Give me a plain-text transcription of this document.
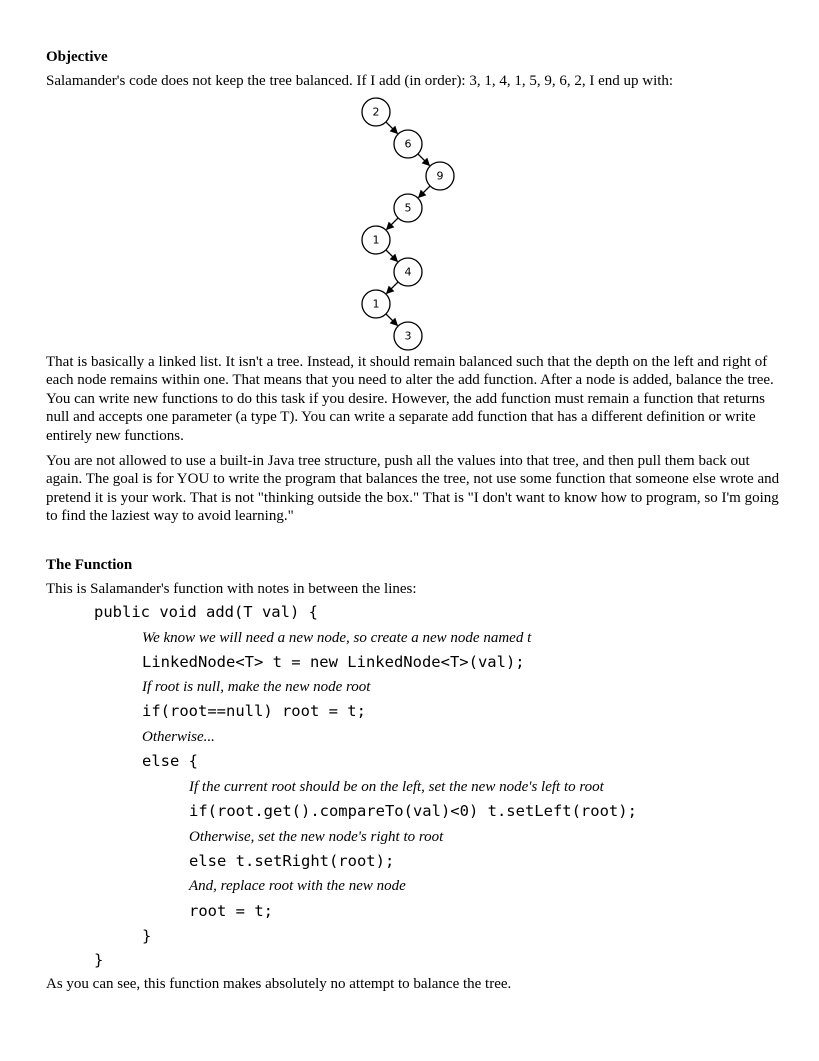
Objective
Salamander's code does not keep the tree balanced. If I add (in order): 3, 1, 4, 1, 5, 9, 6, 2, I end up with:
2
6
9
5
1
4
1
3
That is basically a linked list. It isn't a tree. Instead, it should remain balanced such that the depth on the left and right of each node remains within one. That means that you need to alter the add function. After a node is added, balance the tree. You can write new functions to do this task if you desire. However, the add function must remain a function that returns null and accepts one parameter (a type T). You can write a separate add function that has a different definition or write entirely new functions.
You are not allowed to use a built-in Java tree structure, push all the values into that tree, and then pull them back out again. The goal is for YOU to write the program that balances the tree, not use some function that someone else wrote and pretend it is your work. That is not "thinking outside the box." That is "I don't want to know how to program, so I'm going to find the laziest way to avoid learning."
The Function
This is Salamander's function with notes in between the lines:
public void add(T val) {
We know we will need a new node, so create a new node named t
LinkedNode<T> t = new LinkedNode<T>(val);
If root is null, make the new node root
if(root==null) root = t;
Otherwise...
else {
If the current root should be on the left, set the new node's left to root
if(root.get().compareTo(val)<0) t.setLeft(root);
Otherwise, set the new node's right to root
else t.setRight(root);
And, replace root with the new node
root = t;
}
}
As you can see, this function makes absolutely no attempt to balance the tree.
